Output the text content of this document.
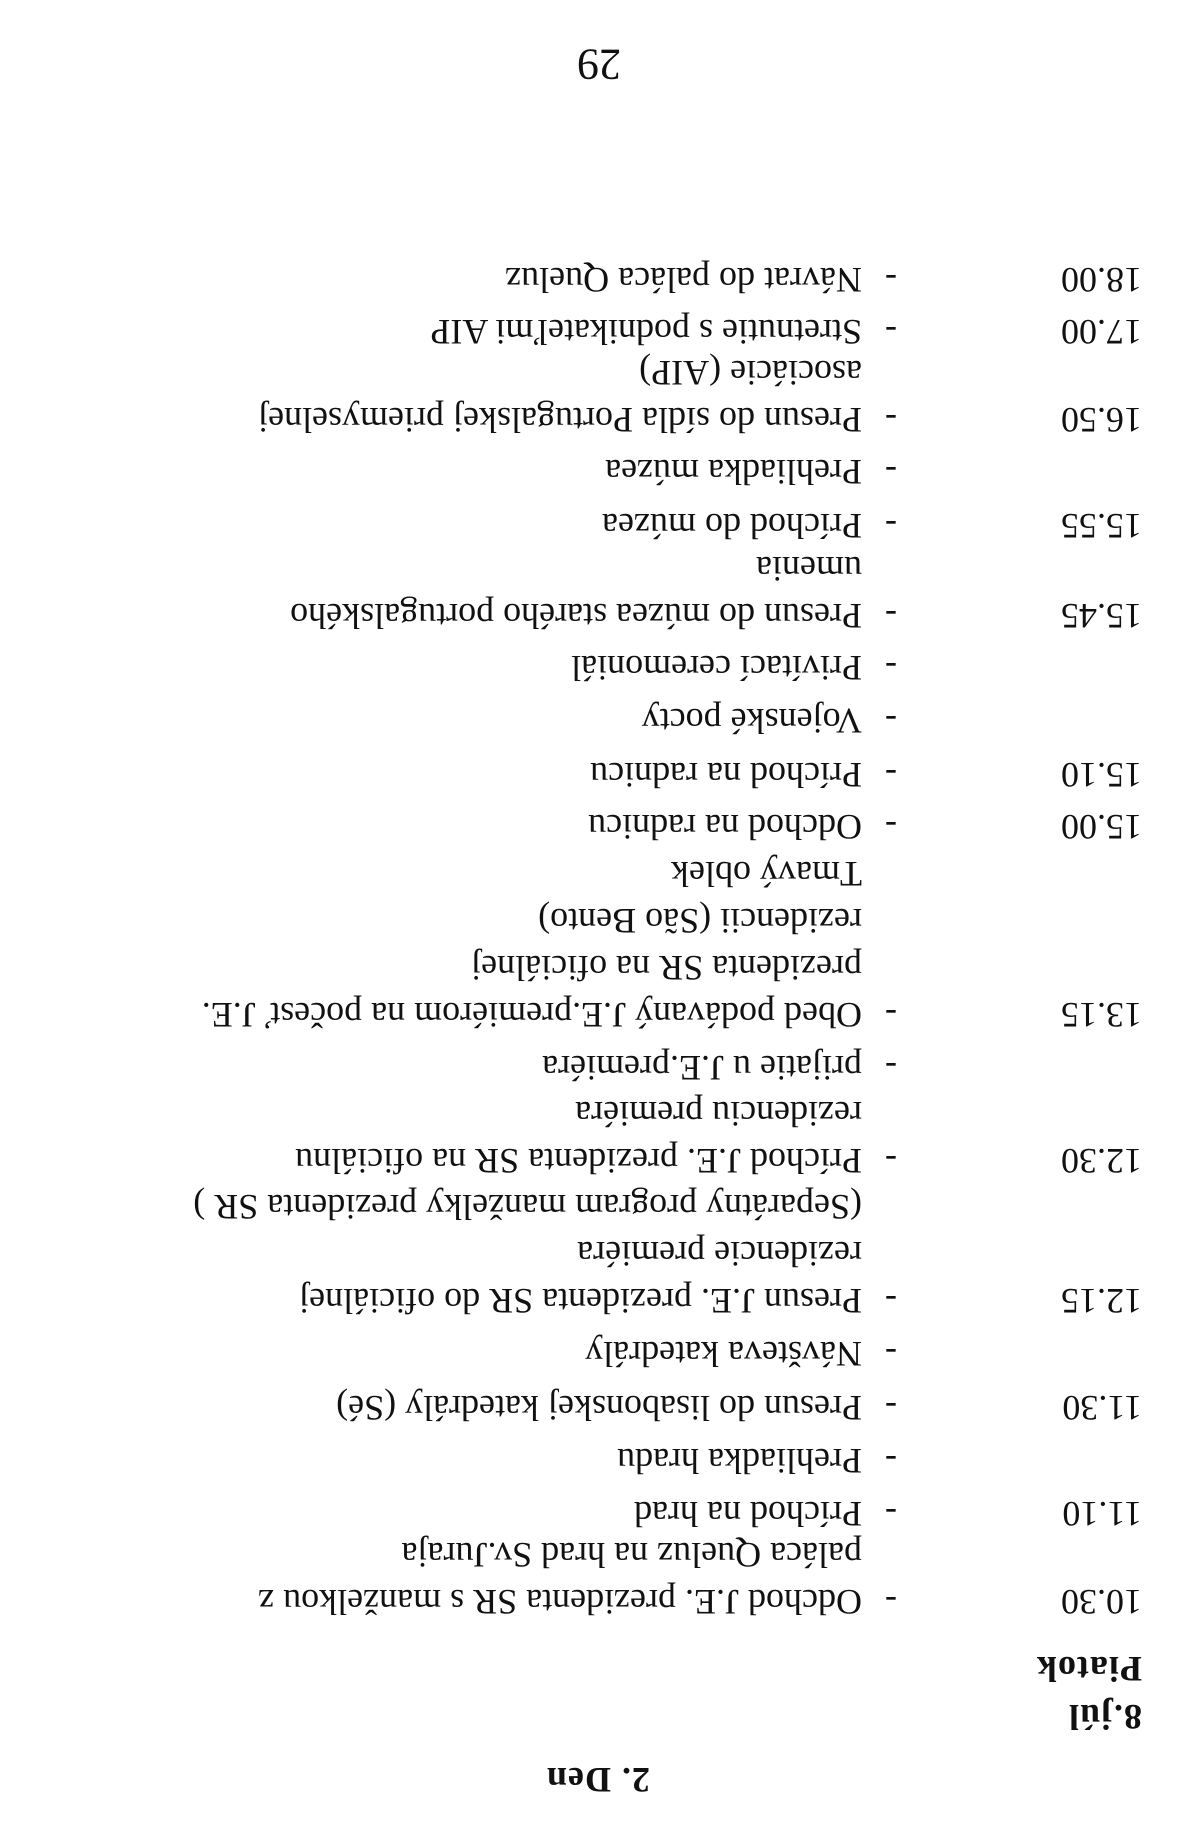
2. Den
8.júl
Piatok
10.30
-
Odchod J.E. prezidenta SR s manželkou z
paláca Queluz na hrad Sv.Juraja
11.10
-
Príchod na hrad
-
Prehliadka hradu
11.30
-
Presun do lisabonskej katedrály (Sé)
-
Návšteva katedrály
12.15
-
Presun J.E. prezidenta SR do oficiálnej
rezidencie premiéra
(Separátny program manželky prezidenta SR )
12.30
-
Príchod J.E. prezidenta SR na oficiálnu
rezidenciu premiéra
-
prijatie u J.E.premiéra
13.15
-
Obed podávaný J.E.premiérom na počesť J.E.
prezidenta SR na oficiálnej
rezidencii (São Bento)
Tmavý oblek
15.00
-
Odchod na radnicu
15.10
-
Príchod na radnicu
-
Vojenské pocty
-
Privítací ceremoniál
15.45
-
Presun do múzea starého portugalského
umenia
15.55
-
Príchod do múzea
-
Prehliadka múzea
16.50
-
Presun do sídla Portugalskej priemyselnej
asociácie (AIP)
17.00
-
Stretnutie s podnikateľmi AIP
18.00
-
Návrat do paláca Queluz
29
